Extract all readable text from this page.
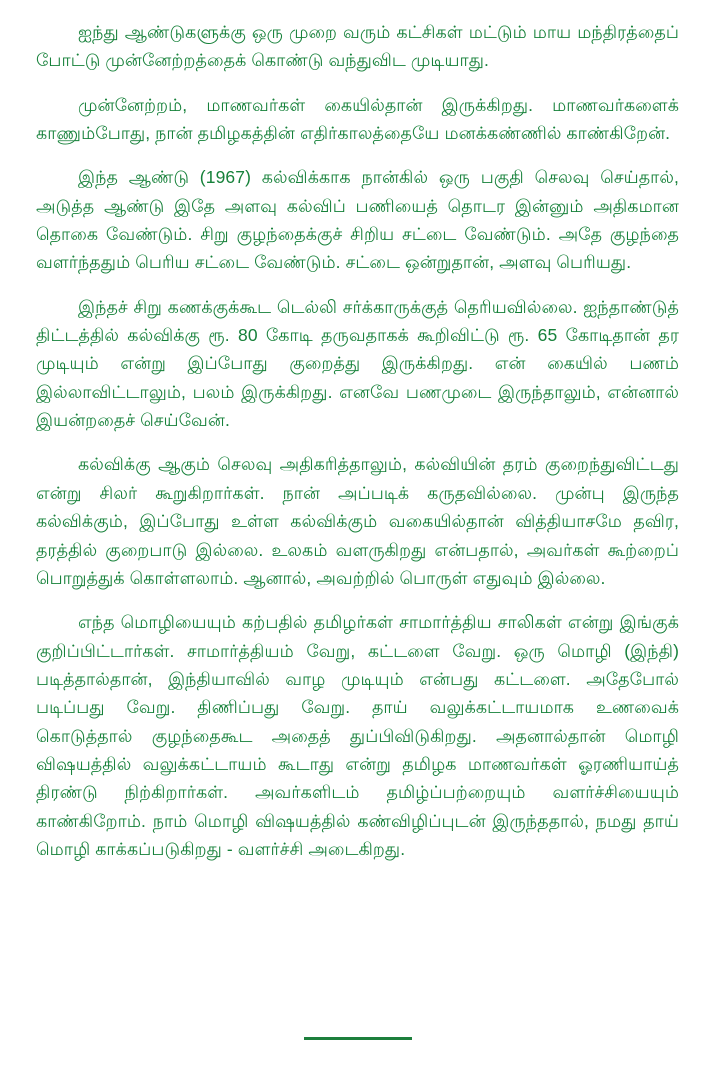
ஐந்து ஆண்டுகளுக்கு ஒரு முறை வரும் கட்சிகள் மட்டும் மாய மந்திரத்தைப் போட்டு முன்னேற்றத்தைக் கொண்டு வந்துவிட முடியாது.

முன்னேற்றம், மாணவர்கள் கையில்தான் இருக்கிறது. மாணவர்களைக் காணும்போது, நான் தமிழகத்தின் எதிர்காலத்தையே மனக்கண்ணில் காண்கிறேன்.

இந்த ஆண்டு (1967) கல்விக்காக நான்கில் ஒரு பகுதி செலவு செய்தால், அடுத்த ஆண்டு இதே அளவு கல்விப் பணியைத் தொடர இன்னும் அதிகமான தொகை வேண்டும். சிறு குழந்தைக்குச் சிறிய சட்டை வேண்டும். அதே குழந்தை வளர்ந்ததும் பெரிய சட்டை வேண்டும். சட்டை ஒன்றுதான், அளவு பெரியது.

இந்தச் சிறு கணக்குக்கூட டெல்லி சர்க்காருக்குத் தெரியவில்லை. ஐந்தாண்டுத் திட்டத்தில் கல்விக்கு ரூ. 80 கோடி தருவதாகக் கூறிவிட்டு ரூ. 65 கோடிதான் தர முடியும் என்று இப்போது குறைத்து இருக்கிறது. என் கையில் பணம் இல்லாவிட்டாலும், பலம் இருக்கிறது. எனவே பணமுடை இருந்தாலும், என்னால் இயன்றதைச் செய்வேன்.

கல்விக்கு ஆகும் செலவு அதிகரித்தாலும், கல்வியின் தரம் குறைந்துவிட்டது என்று சிலர் கூறுகிறார்கள். நான் அப்படிக் கருதவில்லை. முன்பு இருந்த கல்விக்கும், இப்போது உள்ள கல்விக்கும் வகையில்தான் வித்தியாசமே தவிர, தரத்தில் குறைபாடு இல்லை. உலகம் வளருகிறது என்பதால், அவர்கள் கூற்றைப் பொறுத்துக் கொள்ளலாம். ஆனால், அவற்றில் பொருள் எதுவும் இல்லை.

எந்த மொழியையும் கற்பதில் தமிழர்கள் சாமார்த்திய சாலிகள் என்று இங்குக் குறிப்பிட்டார்கள். சாமார்த்தியம் வேறு, கட்டளை வேறு. ஒரு மொழி (இந்தி) படித்தால்தான், இந்தியாவில் வாழ முடியும் என்பது கட்டளை. அதேபோல் படிப்பது வேறு. திணிப்பது வேறு. தாய் வலுக்கட்டாயமாக உணவைக் கொடுத்தால் குழந்தைகூட அதைத் துப்பிவிடுகிறது. அதனால்தான் மொழி விஷயத்தில் வலுக்கட்டாயம் கூடாது என்று தமிழக மாணவர்கள் ஓரணியாய்த் திரண்டு நிற்கிறார்கள். அவர்களிடம் தமிழ்ப்பற்றையும் வளர்ச்சியையும் காண்கிறோம். நாம் மொழி விஷயத்தில் கண்விழிப்புடன் இருந்ததால், நமது தாய் மொழி காக்கப்படுகிறது - வளர்ச்சி அடைகிறது.
